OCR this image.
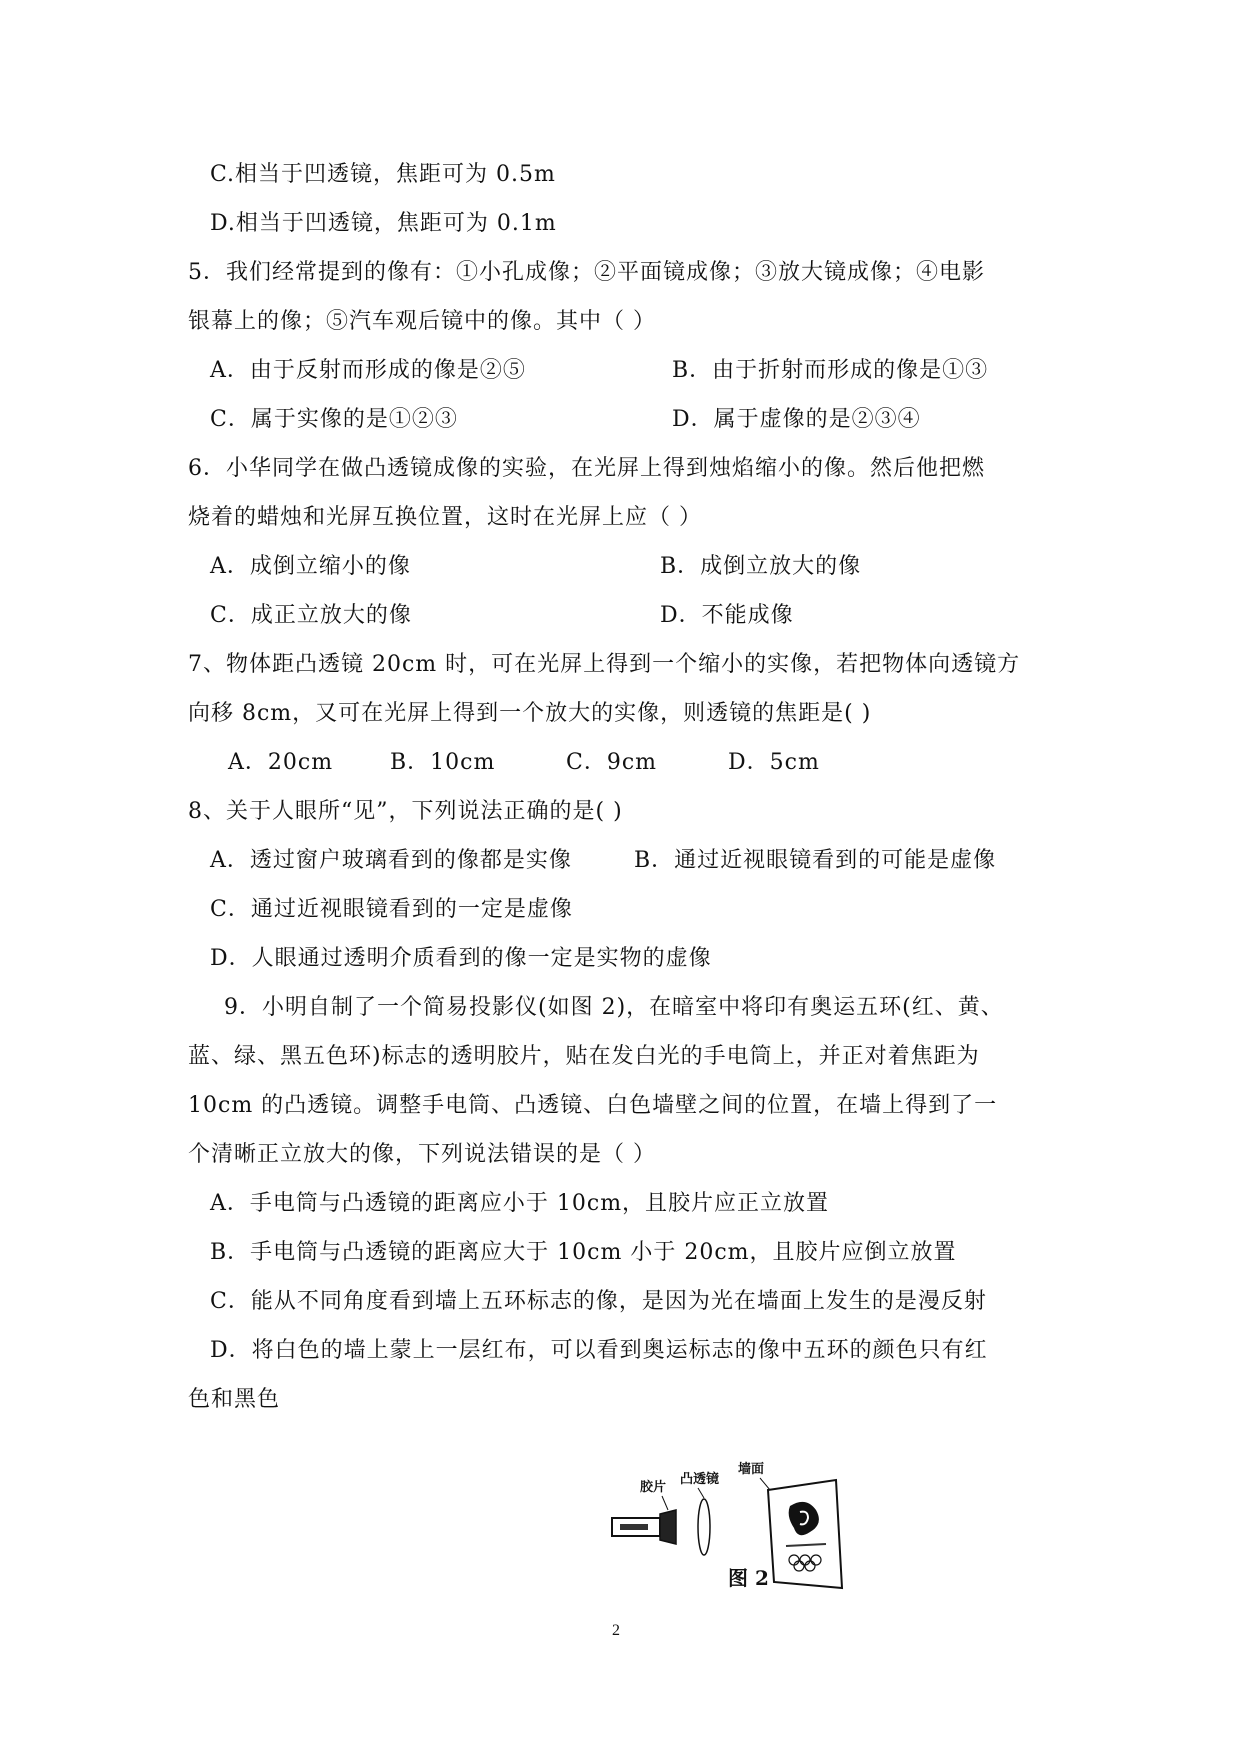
C.相当于凹透镜，焦距可为 0.5m
D.相当于凹透镜，焦距可为 0.1m
5．我们经常提到的像有：①小孔成像；②平面镜成像；③放大镜成像；④电影
银幕上的像；⑤汽车观后镜中的像。其中（ ）
A．由于反射而形成的像是②⑤	B．由于折射而形成的像是①③
C．属于实像的是①②③	D．属于虚像的是②③④
6．小华同学在做凸透镜成像的实验，在光屏上得到烛焰缩小的像。然后他把燃
烧着的蜡烛和光屏互换位置，这时在光屏上应（ ）
A．成倒立缩小的像	B．成倒立放大的像
C．成正立放大的像	D．不能成像
7、物体距凸透镜 20cm 时，可在光屏上得到一个缩小的实像，若把物体向透镜方
向移 8cm，又可在光屏上得到一个放大的实像，则透镜的焦距是( )
A．20cm	B．10cm	C．9cm	D．5cm
8、关于人眼所“见”，下列说法正确的是( )
A．透过窗户玻璃看到的像都是实像	B．通过近视眼镜看到的可能是虚像
C．通过近视眼镜看到的一定是虚像
D．人眼通过透明介质看到的像一定是实物的虚像
9．小明自制了一个简易投影仪(如图 2)，在暗室中将印有奥运五环(红、黄、
蓝、绿、黑五色环)标志的透明胶片，贴在发白光的手电筒上，并正对着焦距为
10cm 的凸透镜。调整手电筒、凸透镜、白色墙壁之间的位置，在墙上得到了一
个清晰正立放大的像，下列说法错误的是（ ）
A．手电筒与凸透镜的距离应小于 10cm，且胶片应正立放置
B．手电筒与凸透镜的距离应大于 10cm 小于 20cm，且胶片应倒立放置
C．能从不同角度看到墙上五环标志的像，是因为光在墙面上发生的是漫反射
D．将白色的墙上蒙上一层红布，可以看到奥运标志的像中五环的颜色只有红
色和黑色
胶片
凸透镜
墙面
图 2
2
